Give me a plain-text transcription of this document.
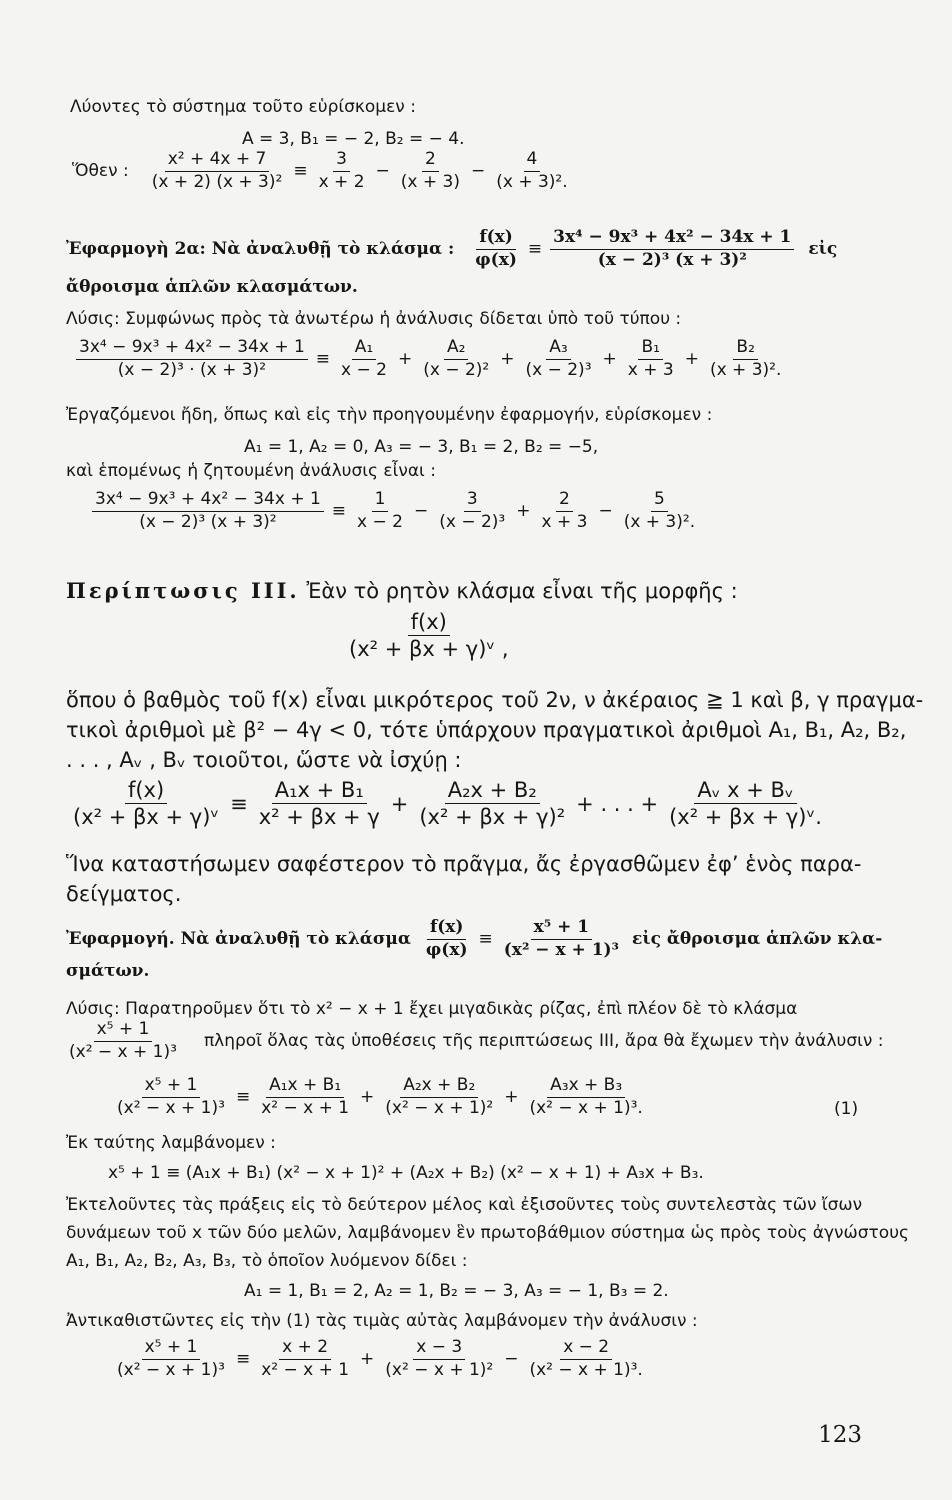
Λύοντες τὸ σύστημα τοῦτο εὑρίσκομεν :
A = 3, B₁ = − 2, B₂ = − 4.
Ὅθεν : $\frac{\text{x² + 4x + 7}}{\text{(x + 2) (x + 3)²}} \equiv \frac{3}{x + 2} - \frac{2}{(x + 3)} - \frac{4}{\text{(x + 3)².}}$
Ἐφαρμογὴ 2α: Νὰ ἀναλυθῇ τὸ κλάσμα : $\frac{f(x)}{\varphi(x)} \equiv \frac{\text{3x⁴ − 9x³ + 4x² − 34x + 1}}{\text{(x − 2)³ (x + 3)²}}$ εἰς
ἄθροισμα ἁπλῶν κλασμάτων.
Λύσις: Συμφώνως πρὸς τὰ ἀνωτέρω ἡ ἀνάλυσις δίδεται ὑπὸ τοῦ τύπου :
$\frac{\text{3x⁴ − 9x³ + 4x² − 34x + 1}}{\text{(x − 2)³ · (x + 3)²}} \equiv \frac{\text{A₁}}{x - 2} + \frac{\text{A₂}}{\text{(x − 2)²}} + \frac{\text{A₃}}{\text{(x − 2)³}} + \frac{\text{B₁}}{x + 3} + \frac{\text{B₂}}{\text{(x + 3)².}}$
Ἐργαζόμενοι ἤδη, ὅπως καὶ εἰς τὴν προηγουμένην ἐφαρμογήν, εὑρίσκομεν :
A₁ = 1, A₂ = 0, A₃ = − 3, B₁ = 2, B₂ = −5,
καὶ ἑπομένως ἡ ζητουμένη ἀνάλυσις εἶναι :
$\frac{\text{3x⁴ − 9x³ + 4x² − 34x + 1}}{\text{(x − 2)³ (x + 3)²}} \equiv \frac{1}{x - 2} - \frac{3}{\text{(x − 2)³}} + \frac{2}{x + 3} - \frac{5}{\text{(x + 3)².}}$
Περίπτωσις III. Ἐὰν τὸ ρητὸν κλάσμα εἶναι τῆς μορφῆς :
$\frac{f(x)}{\text{(x² + βx + γ)ᵛ ,}}$
ὅπου ὁ βαθμὸς τοῦ f(x) εἶναι μικρότερος τοῦ 2ν, ν ἀκέραιος ≧ 1 καὶ β, γ πραγμα-
τικοὶ ἀριθμοὶ μὲ β² − 4γ < 0, τότε ὑπάρχουν πραγματικοὶ ἀριθμοὶ A₁, B₁, A₂, B₂,
. . . , Aᵥ , Bᵥ τοιοῦτοι, ὥστε νὰ ἰσχύῃ :
$\frac{f(x)}{\text{(x² + βx + γ)ᵛ}} \equiv \frac{\text{A₁x + B₁}}{\text{x² + βx + γ}} + \frac{\text{A₂x + B₂}}{\text{(x² + βx + γ)²}}$ + . . . + $\frac{\text{Aᵥ x + Bᵥ}}{\text{(x² + βx + γ)ᵛ.}}$
Ἵνα καταστήσωμεν σαφέστερον τὸ πρᾶγμα, ἄς ἐργασθῶμεν ἐφ’ ἑνὸς παρα-
δείγματος.
Ἐφαρμογή. Νὰ ἀναλυθῇ τὸ κλάσμα $\frac{f(x)}{\varphi(x)} \equiv \frac{\text{x⁵ + 1}}{\text{(x² − x + 1)³}}$ εἰς ἄθροισμα ἁπλῶν κλα-
σμάτων.
Λύσις: Παρατηροῦμεν ὅτι τὸ x² − x + 1 ἔχει μιγαδικὰς ρίζας, ἐπὶ πλέον δὲ τὸ κλάσμα
$\frac{\text{x⁵ + 1}}{\text{(x² − x + 1)³}}$ πληροῖ ὅλας τὰς ὑποθέσεις τῆς περιπτώσεως III, ἄρα θὰ ἔχωμεν τὴν ἀνάλυσιν :
$\frac{\text{x⁵ + 1}}{\text{(x² − x + 1)³}} \equiv \frac{\text{A₁x + B₁}}{\text{x² − x + 1}} + \frac{\text{A₂x + B₂}}{\text{(x² − x + 1)²}} + \frac{\text{A₃x + B₃}}{\text{(x² − x + 1)³.}}$	(1)
Ἐκ ταύτης λαμβάνομεν :
x⁵ + 1 ≡ (A₁x + B₁) (x² − x + 1)² + (A₂x + B₂) (x² − x + 1) + A₃x + B₃.
Ἐκτελοῦντες τὰς πράξεις εἰς τὸ δεύτερον μέλος καὶ ἐξισοῦντες τοὺς συντελεστὰς τῶν ἴσων
δυνάμεων τοῦ x τῶν δύο μελῶν, λαμβάνομεν ἓν πρωτοβάθμιον σύστημα ὡς πρὸς τοὺς ἀγνώστους
A₁, B₁, A₂, B₂, A₃, B₃, τὸ ὁποῖον λυόμενον δίδει :
A₁ = 1, B₁ = 2, A₂ = 1, B₂ = − 3, A₃ = − 1, B₃ = 2.
Ἀντικαθιστῶντες εἰς τὴν (1) τὰς τιμὰς αὐτὰς λαμβάνομεν τὴν ἀνάλυσιν :
$\frac{\text{x⁵ + 1}}{\text{(x² − x + 1)³}} \equiv \frac{x + 2}{\text{x² − x + 1}} + \frac{x - 3}{\text{(x² − x + 1)²}} - \frac{x - 2}{\text{(x² − x + 1)³.}}$
123
